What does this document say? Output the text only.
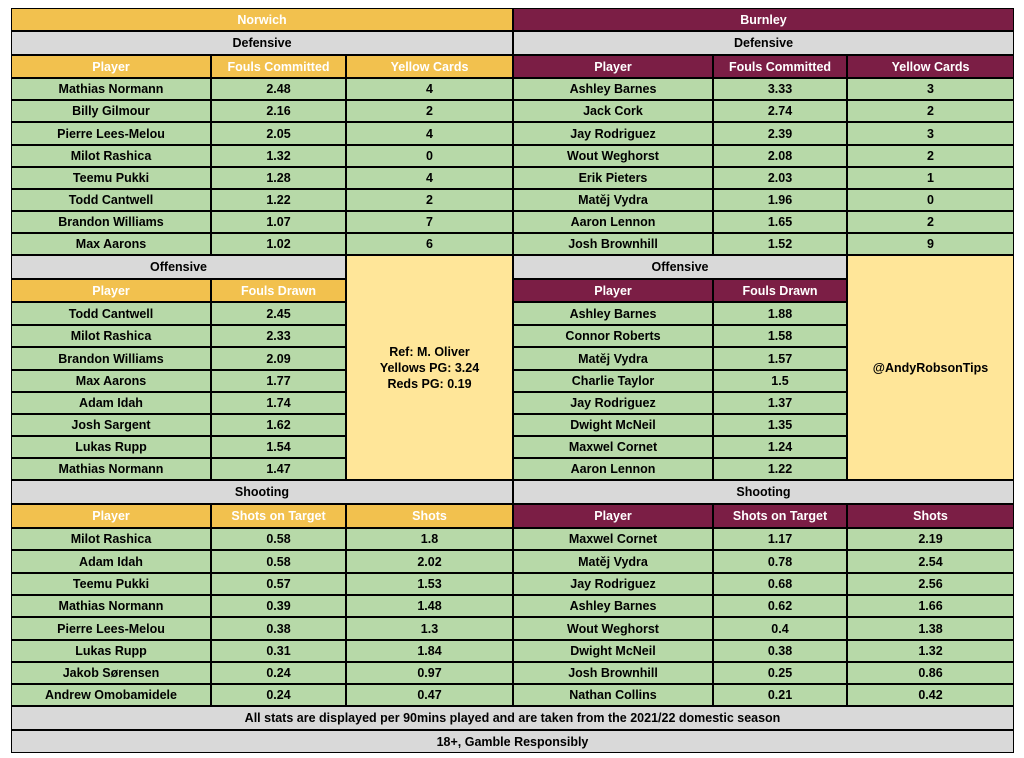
Norwich
Defensive
Player	Fouls Committed	Yellow Cards
Mathias Normann	2.48	4
Billy Gilmour	2.16	2
Pierre Lees-Melou	2.05	4
Milot Rashica	1.32	0
Teemu Pukki	1.28	4
Todd Cantwell	1.22	2
Brandon Williams	1.07	7
Max Aarons	1.02	6
Offensive
Player	Fouls Drawn
Todd Cantwell	2.45
Milot Rashica	2.33
Brandon Williams	2.09
Max Aarons	1.77
Adam Idah	1.74
Josh Sargent	1.62
Lukas Rupp	1.54
Mathias Normann	1.47
Shooting
Player	Shots on Target	Shots
Milot Rashica	0.58	1.8
Adam Idah	0.58	2.02
Teemu Pukki	0.57	1.53
Mathias Normann	0.39	1.48
Pierre Lees-Melou	0.38	1.3
Lukas Rupp	0.31	1.84
Jakob Sørensen	0.24	0.97
Andrew Omobamidele	0.24	0.47
Burnley
Defensive
Player	Fouls Committed	Yellow Cards
Ashley Barnes	3.33	3
Jack Cork	2.74	2
Jay Rodriguez	2.39	3
Wout Weghorst	2.08	2
Erik Pieters	2.03	1
Matěj Vydra	1.96	0
Aaron Lennon	1.65	2
Josh Brownhill	1.52	9
Offensive
Player	Fouls Drawn
Ashley Barnes	1.88
Connor Roberts	1.58
Matěj Vydra	1.57
Charlie Taylor	1.5
Jay Rodriguez	1.37
Dwight McNeil	1.35
Maxwel Cornet	1.24
Aaron Lennon	1.22
Shooting
Player	Shots on Target	Shots
Maxwel Cornet	1.17	2.19
Matěj Vydra	0.78	2.54
Jay Rodriguez	0.68	2.56
Ashley Barnes	0.62	1.66
Wout Weghorst	0.4	1.38
Dwight McNeil	0.38	1.32
Josh Brownhill	0.25	0.86
Nathan Collins	0.21	0.42
Ref: M. Oliver
Yellows PG: 3.24
Reds PG: 0.19
@AndyRobsonTips
All stats are displayed per 90mins played and are taken from the 2021/22 domestic season
18+, Gamble Responsibly
